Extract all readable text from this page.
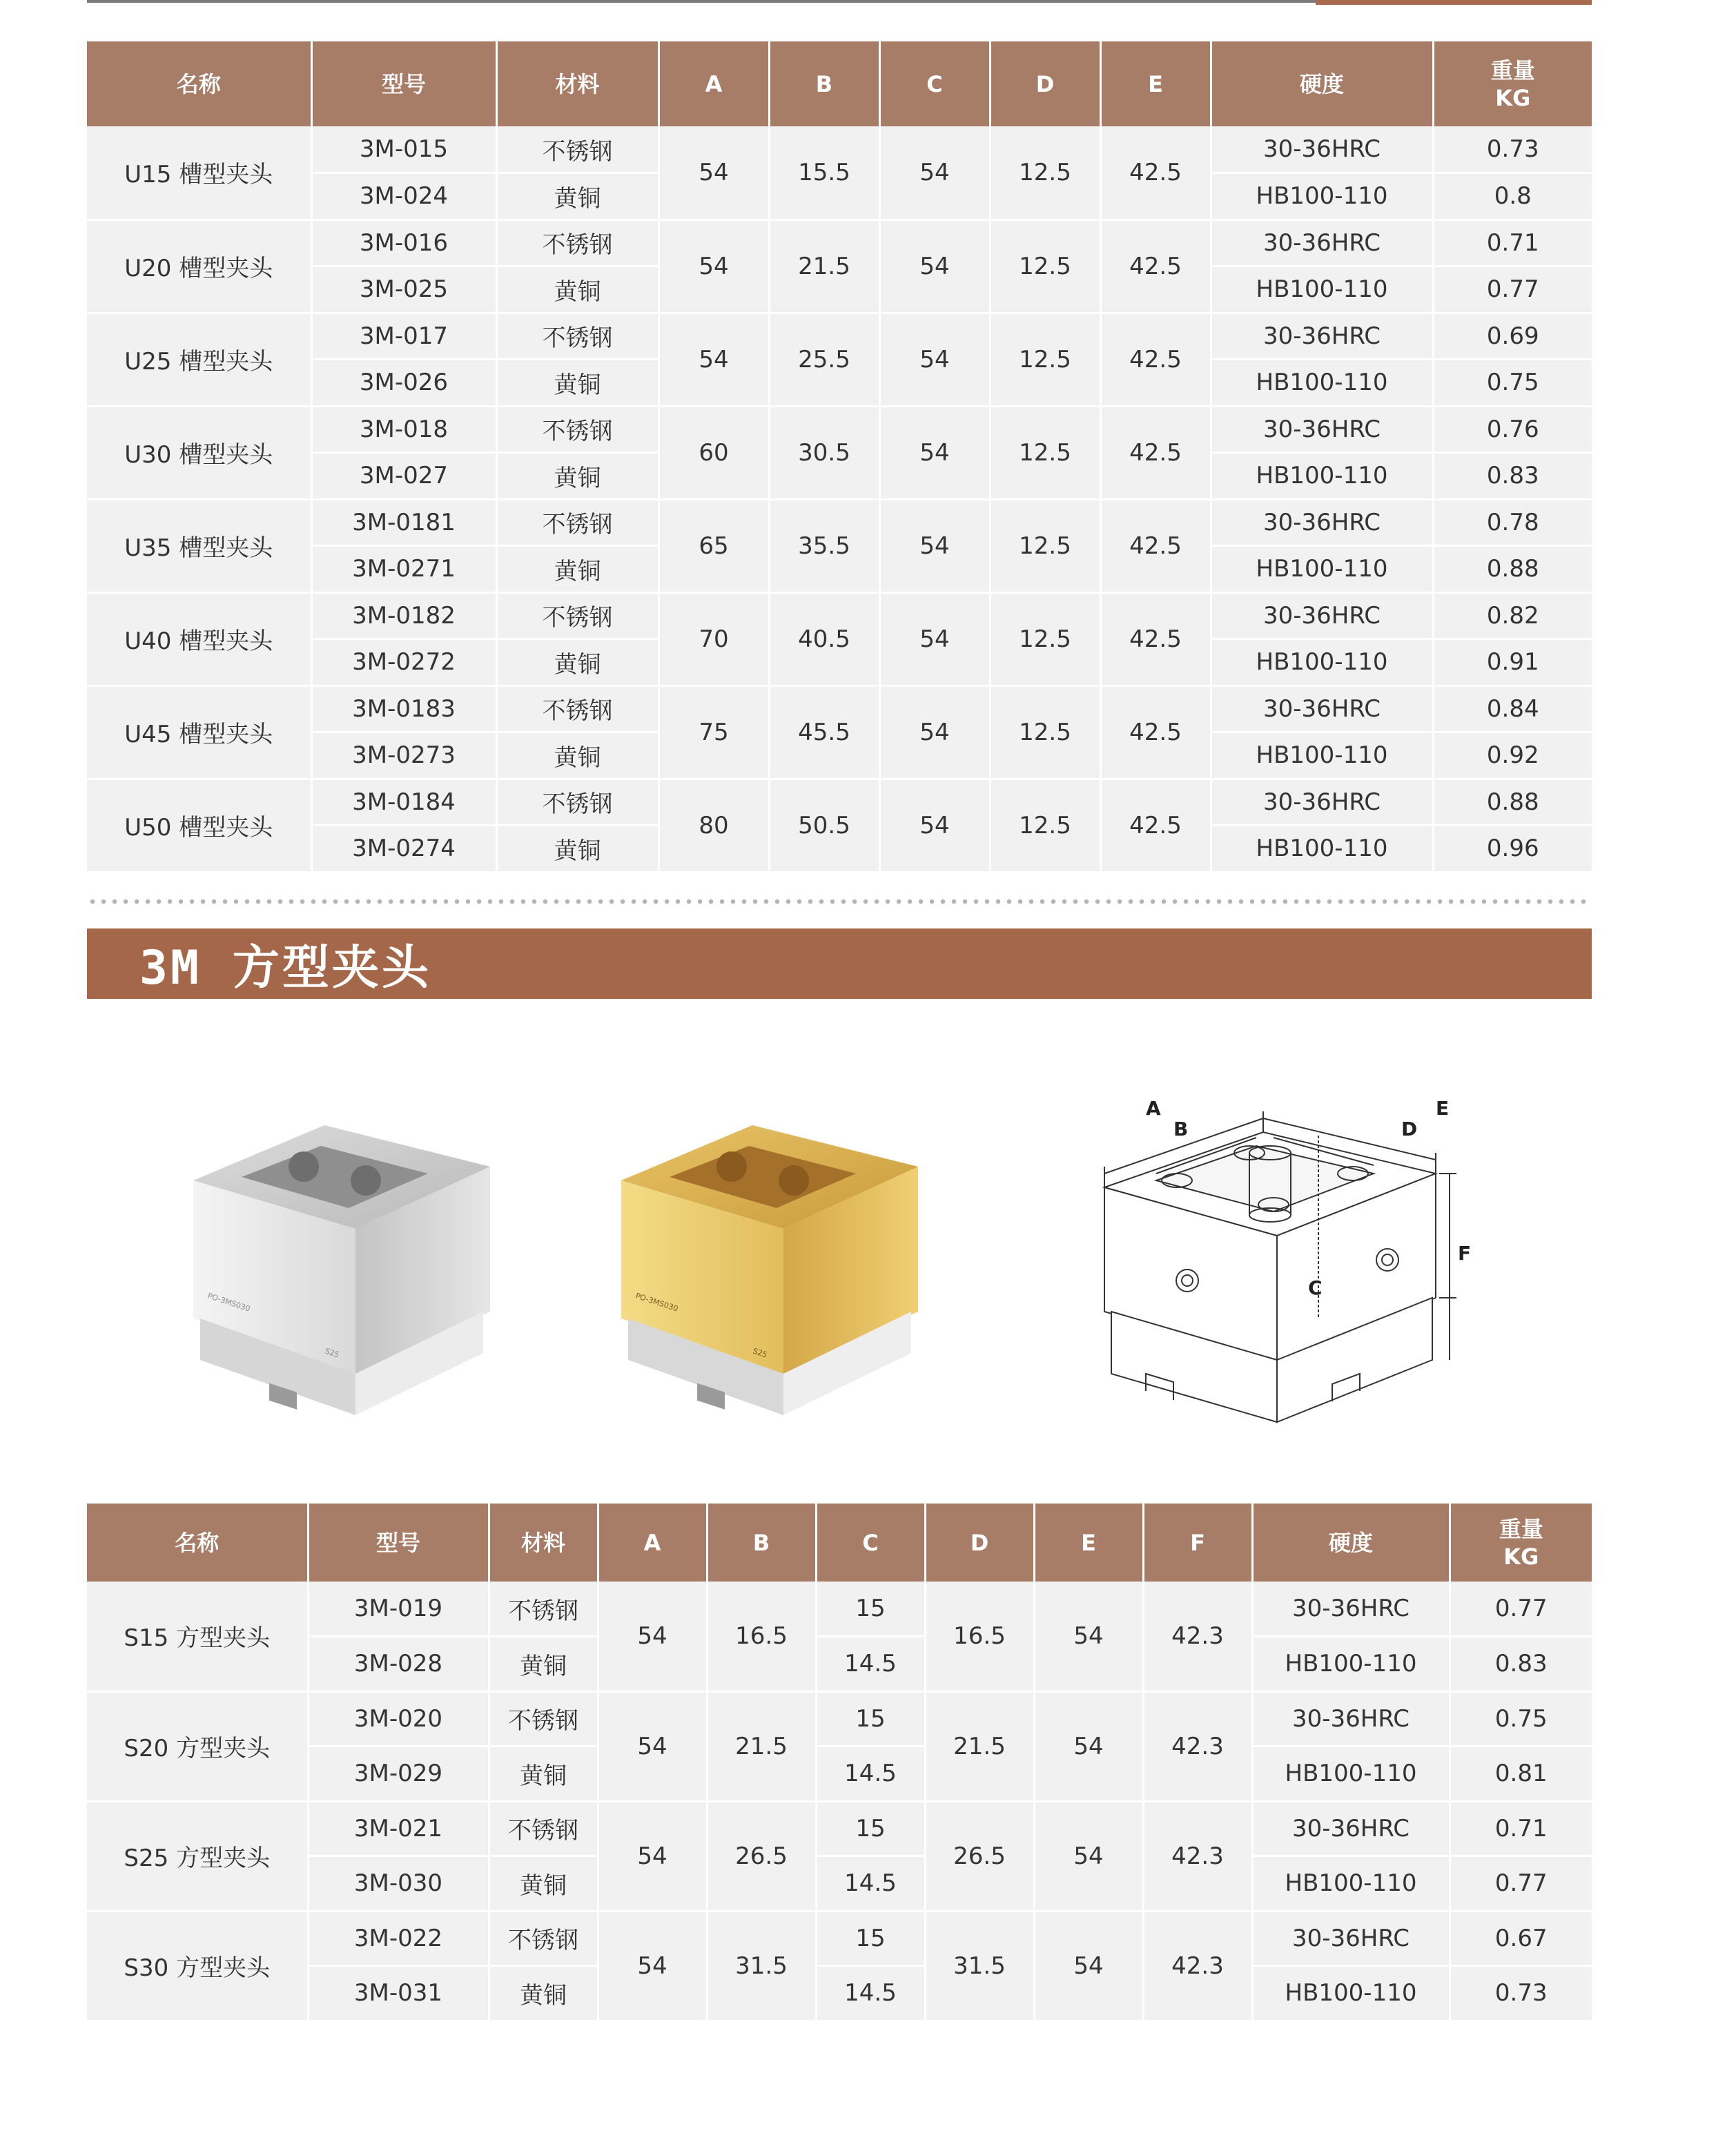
名称	型号	材料	A	B	C	D	E	硬度	重量
KG
U15 槽型夹头	3M-015	不锈钢	54	15.5	54	12.5	42.5	30-36HRC	0.73
	3M-024	黄铜						HB100-110	0.8
U20 槽型夹头	3M-016	不锈钢	54	21.5	54	12.5	42.5	30-36HRC	0.71
	3M-025	黄铜						HB100-110	0.77
U25 槽型夹头	3M-017	不锈钢	54	25.5	54	12.5	42.5	30-36HRC	0.69
	3M-026	黄铜						HB100-110	0.75
U30 槽型夹头	3M-018	不锈钢	60	30.5	54	12.5	42.5	30-36HRC	0.76
	3M-027	黄铜						HB100-110	0.83
U35 槽型夹头	3M-0181	不锈钢	65	35.5	54	12.5	42.5	30-36HRC	0.78
	3M-0271	黄铜						HB100-110	0.88
U40 槽型夹头	3M-0182	不锈钢	70	40.5	54	12.5	42.5	30-36HRC	0.82
	3M-0272	黄铜						HB100-110	0.91
U45 槽型夹头	3M-0183	不锈钢	75	45.5	54	12.5	42.5	30-36HRC	0.84
	3M-0273	黄铜						HB100-110	0.92
U50 槽型夹头	3M-0184	不锈钢	80	50.5	54	12.5	42.5	30-36HRC	0.88
	3M-0274	黄铜						HB100-110	0.96
3M 方型夹头
PO-3MS030
S25
PO-3MS030
S25
A
B
C
D
E
F
名称	型号	材料	A	B	C	D	E	F	硬度	重量
KG
S15 方型夹头	3M-019	不锈钢	54	16.5	15	16.5	54	42.3	30-36HRC	0.77
	3M-028	黄铜			14.5				HB100-110	0.83
S20 方型夹头	3M-020	不锈钢	54	21.5	15	21.5	54	42.3	30-36HRC	0.75
	3M-029	黄铜			14.5				HB100-110	0.81
S25 方型夹头	3M-021	不锈钢	54	26.5	15	26.5	54	42.3	30-36HRC	0.71
	3M-030	黄铜			14.5				HB100-110	0.77
S30 方型夹头	3M-022	不锈钢	54	31.5	15	31.5	54	42.3	30-36HRC	0.67
	3M-031	黄铜			14.5				HB100-110	0.73
